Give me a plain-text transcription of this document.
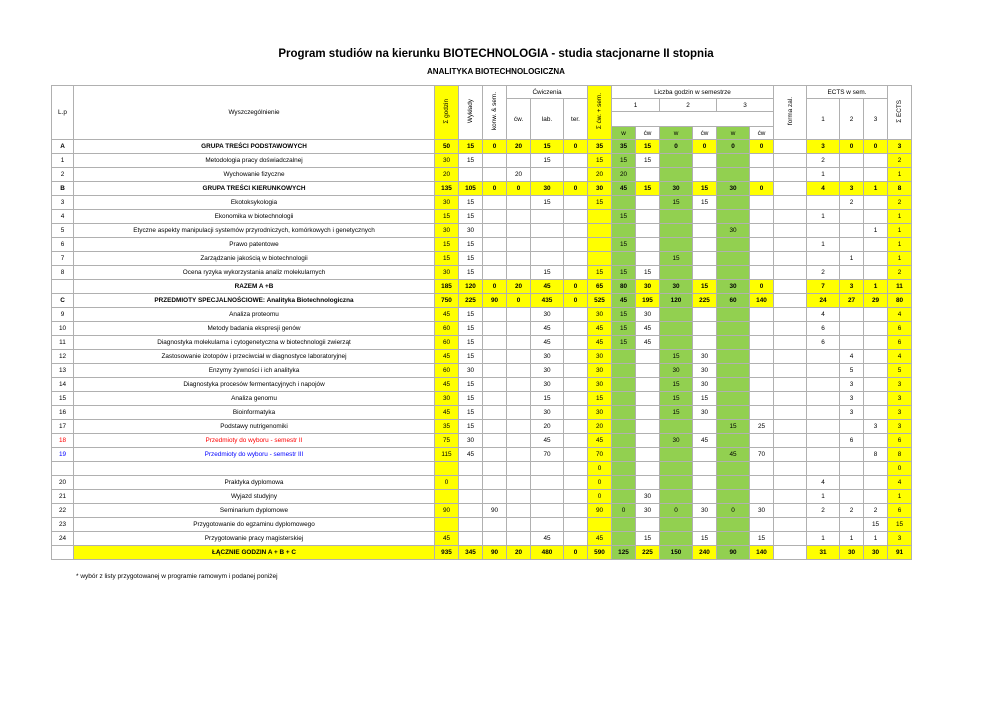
Program studiów na kierunku BIOTECHNOLOGIA - studia stacjonarne II stopnia
ANALITYKA BIOTECHNOLOGICZNA
L.p	Wyszczególnienie	Σ godzin	Wykłady	konw. & sem.	Ćwiczenia			Σ ćw. + sem.	Liczba godzin w semestrze						forma zal.	ECTS w sem.			Σ ECTS
					ćw.	lab.	ter.		1		2		3			1	2	3	

									w	ćw	w	ćw	w	ćw					
A	GRUPA TREŚCI PODSTAWOWYCH	50	15	0	20	15	0	35	35	15	0	0	0	0		3	0	0	3
1	Metodologia pracy doświadczalnej	30	15			15		15	15	15						2			2
2	Wychowanie fizyczne	20			20			20	20							1			1
B	GRUPA TREŚCI KIERUNKOWYCH	135	105	0	0	30	0	30	45	15	30	15	30	0		4	3	1	8
3	Ekotoksykologia	30	15			15		15			15	15					2		2
4	Ekonomika w biotechnologii	15	15						15							1			1
5	Etyczne aspekty manipulacji systemów przyrodniczych, komórkowych i genetycznych	30	30										30					1	1
6	Prawo patentowe	15	15						15							1			1
7	Zarządzanie jakością w biotechnologii	15	15								15						1		1
8	Ocena ryzyka wykorzystania analiz molekularnych	30	15			15		15	15	15						2			2
	RAZEM A +B	185	120	0	20	45	0	65	80	30	30	15	30	0		7	3	1	11
C	PRZEDMIOTY SPECJALNOŚCIOWE: Analityka Biotechnologiczna	750	225	90	0	435	0	525	45	195	120	225	60	140		24	27	29	80
9	Analiza proteomu	45	15			30		30	15	30						4			4
10	Metody badania ekspresji genów	60	15			45		45	15	45						6			6
11	Diagnostyka molekularna i cytogenetyczna w biotechnologii zwierząt	60	15			45		45	15	45						6			6
12	Zastosowanie izotopów i przeciwciał w diagnostyce laboratoryjnej	45	15			30		30			15	30					4		4
13	Enzymy żywności i ich analityka	60	30			30		30			30	30					5		5
14	Diagnostyka procesów fermentacyjnych i napojów	45	15			30		30			15	30					3		3
15	Analiza genomu	30	15			15		15			15	15					3		3
16	Bioinformatyka	45	15			30		30			15	30					3		3
17	Podstawy nutrigenomiki	35	15			20		20					15	25				3	3
18	Przedmioty do wyboru - semestr II	75	30			45		45			30	45					6		6
19	Przedmioty do wyboru - semestr III	115	45			70		70					45	70				8	8
								0											0
20	Praktyka dyplomowa	0						0								4			4
21	Wyjazd studyjny							0		30						1			1
22	Seminarium dyplomowe	90		90				90	0	30	0	30	0	30		2	2	2	6
23	Przygotowanie do egzaminu dyplomowego																	15	15
24	Przygotowanie pracy magisterskiej	45				45		45		15		15		15		1	1	1	3
	ŁĄCZNIE GODZIN A + B + C	935	345	90	20	480	0	590	125	225	150	240	90	140		31	30	30	91
* wybór z listy przygotowanej w programie ramowym i podanej poniżej
